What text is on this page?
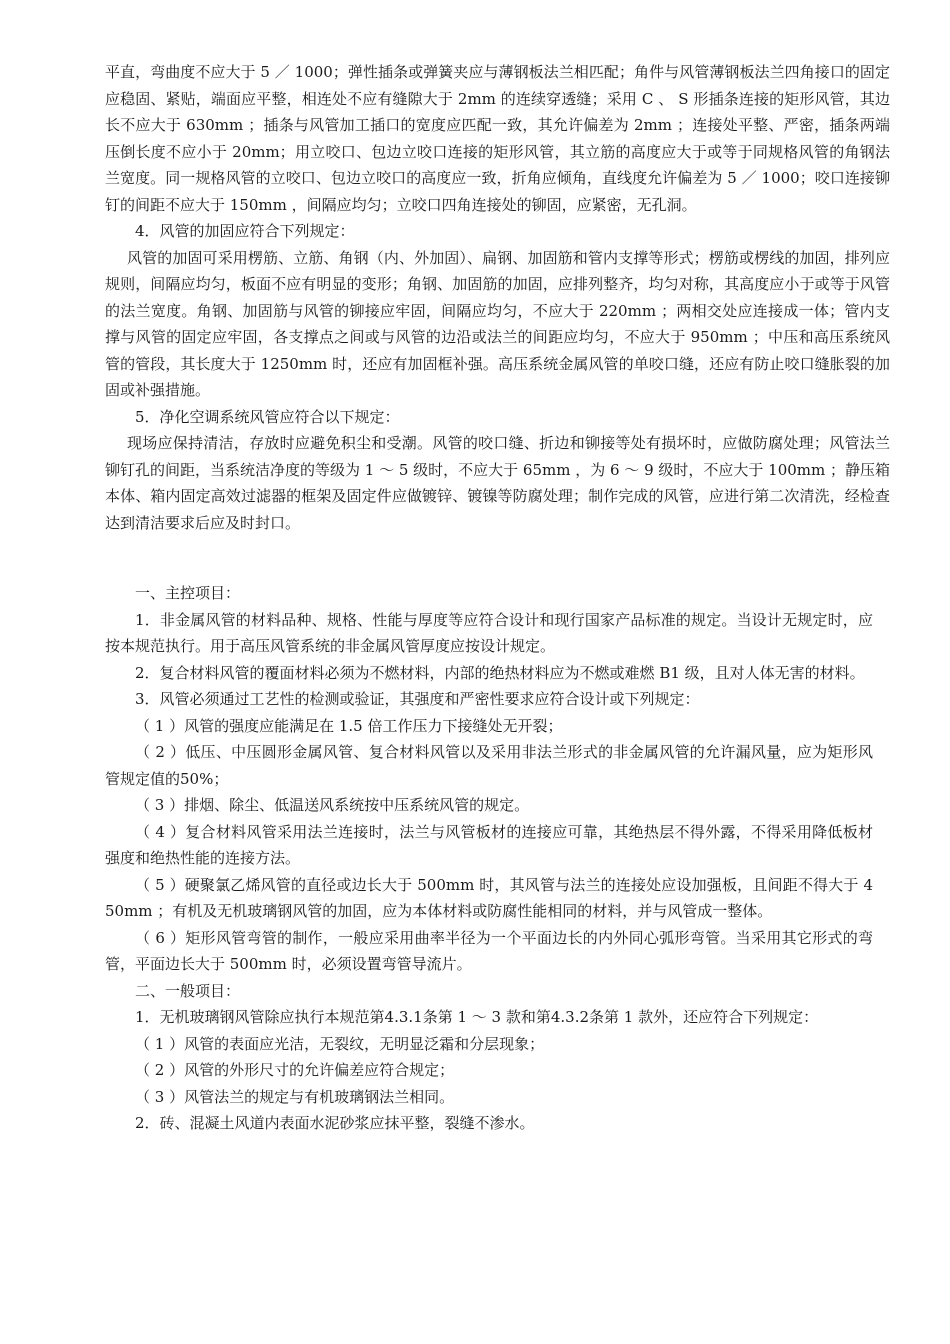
平直，弯曲度不应大于 5 ／ 1000；弹性插条或弹簧夹应与薄钢板法兰相匹配；角件与风管薄钢板法兰四角接口的固定应稳固、紧贴，端面应平整，相连处不应有缝隙大于 2mm 的连续穿透缝；采用 C 、 S 形插条连接的矩形风管，其边长不应大于 630mm ；插条与风管加工插口的宽度应匹配一致，其允许偏差为 2mm ；连接处平整、严密，插条两端压倒长度不应小于 20mm；用立咬口、包边立咬口连接的矩形风管，其立筋的高度应大于或等于同规格风管的角钢法兰宽度。同一规格风管的立咬口、包边立咬口的高度应一致，折角应倾角，直线度允许偏差为 5 ／ 1000；咬口连接铆钉的间距不应大于 150mm ，间隔应均匀；立咬口四角连接处的铆固，应紧密，无孔洞。

4．风管的加固应符合下列规定：

风管的加固可采用楞筋、立筋、角钢（内、外加固）、扁钢、加固筋和管内支撑等形式；楞筋或楞线的加固，排列应规则，间隔应均匀，板面不应有明显的变形；角钢、加固筋的加固，应排列整齐，均匀对称，其高度应小于或等于风管的法兰宽度。角钢、加固筋与风管的铆接应牢固，间隔应均匀，不应大于 220mm ；两相交处应连接成一体；管内支撑与风管的固定应牢固，各支撑点之间或与风管的边沿或法兰的间距应均匀，不应大于 950mm ；中压和高压系统风管的管段，其长度大于 1250mm 时，还应有加固框补强。高压系统金属风管的单咬口缝，还应有防止咬口缝胀裂的加固或补强措施。

5．净化空调系统风管应符合以下规定：

现场应保持清洁，存放时应避免积尘和受潮。风管的咬口缝、折边和铆接等处有损坏时，应做防腐处理；风管法兰铆钉孔的间距，当系统洁净度的等级为 1 ～ 5 级时，不应大于 65mm ，为 6 ～ 9 级时，不应大于 100mm ；静压箱本体、箱内固定高效过滤器的框架及固定件应做镀锌、镀镍等防腐处理；制作完成的风管，应进行第二次清洗，经检查达到清洁要求后应及时封口。

一、主控项目：

1．非金属风管的材料品种、规格、性能与厚度等应符合设计和现行国家产品标准的规定。当设计无规定时，应按本规范执行。用于高压风管系统的非金属风管厚度应按设计规定。

2．复合材料风管的覆面材料必须为不燃材料，内部的绝热材料应为不燃或难燃 B1 级，且对人体无害的材料。

3．风管必须通过工艺性的检测或验证，其强度和严密性要求应符合设计或下列规定：

（ 1 ）风管的强度应能满足在 1.5 倍工作压力下接缝处无开裂；

（ 2 ）低压、中压圆形金属风管、复合材料风管以及采用非法兰形式的非金属风管的允许漏风量，应为矩形风管规定值的50%；

（ 3 ）排烟、除尘、低温送风系统按中压系统风管的规定。

（ 4 ）复合材料风管采用法兰连接时，法兰与风管板材的连接应可靠，其绝热层不得外露，不得采用降低板材强度和绝热性能的连接方法。

（ 5 ）硬聚氯乙烯风管的直径或边长大于 500mm 时，其风管与法兰的连接处应设加强板，且间距不得大于 450mm ；有机及无机玻璃钢风管的加固，应为本体材料或防腐性能相同的材料，并与风管成一整体。

（ 6 ）矩形风管弯管的制作，一般应采用曲率半径为一个平面边长的内外同心弧形弯管。当采用其它形式的弯管，平面边长大于 500mm 时，必须设置弯管导流片。

二、一般项目：

1．无机玻璃钢风管除应执行本规范第4.3.1条第 1 ～ 3 款和第4.3.2条第 1 款外，还应符合下列规定：

（ 1 ）风管的表面应光洁，无裂纹，无明显泛霜和分层现象；

（ 2 ）风管的外形尺寸的允许偏差应符合规定；

（ 3 ）风管法兰的规定与有机玻璃钢法兰相同。

2．砖、混凝土风道内表面水泥砂浆应抹平整，裂缝不渗水。
